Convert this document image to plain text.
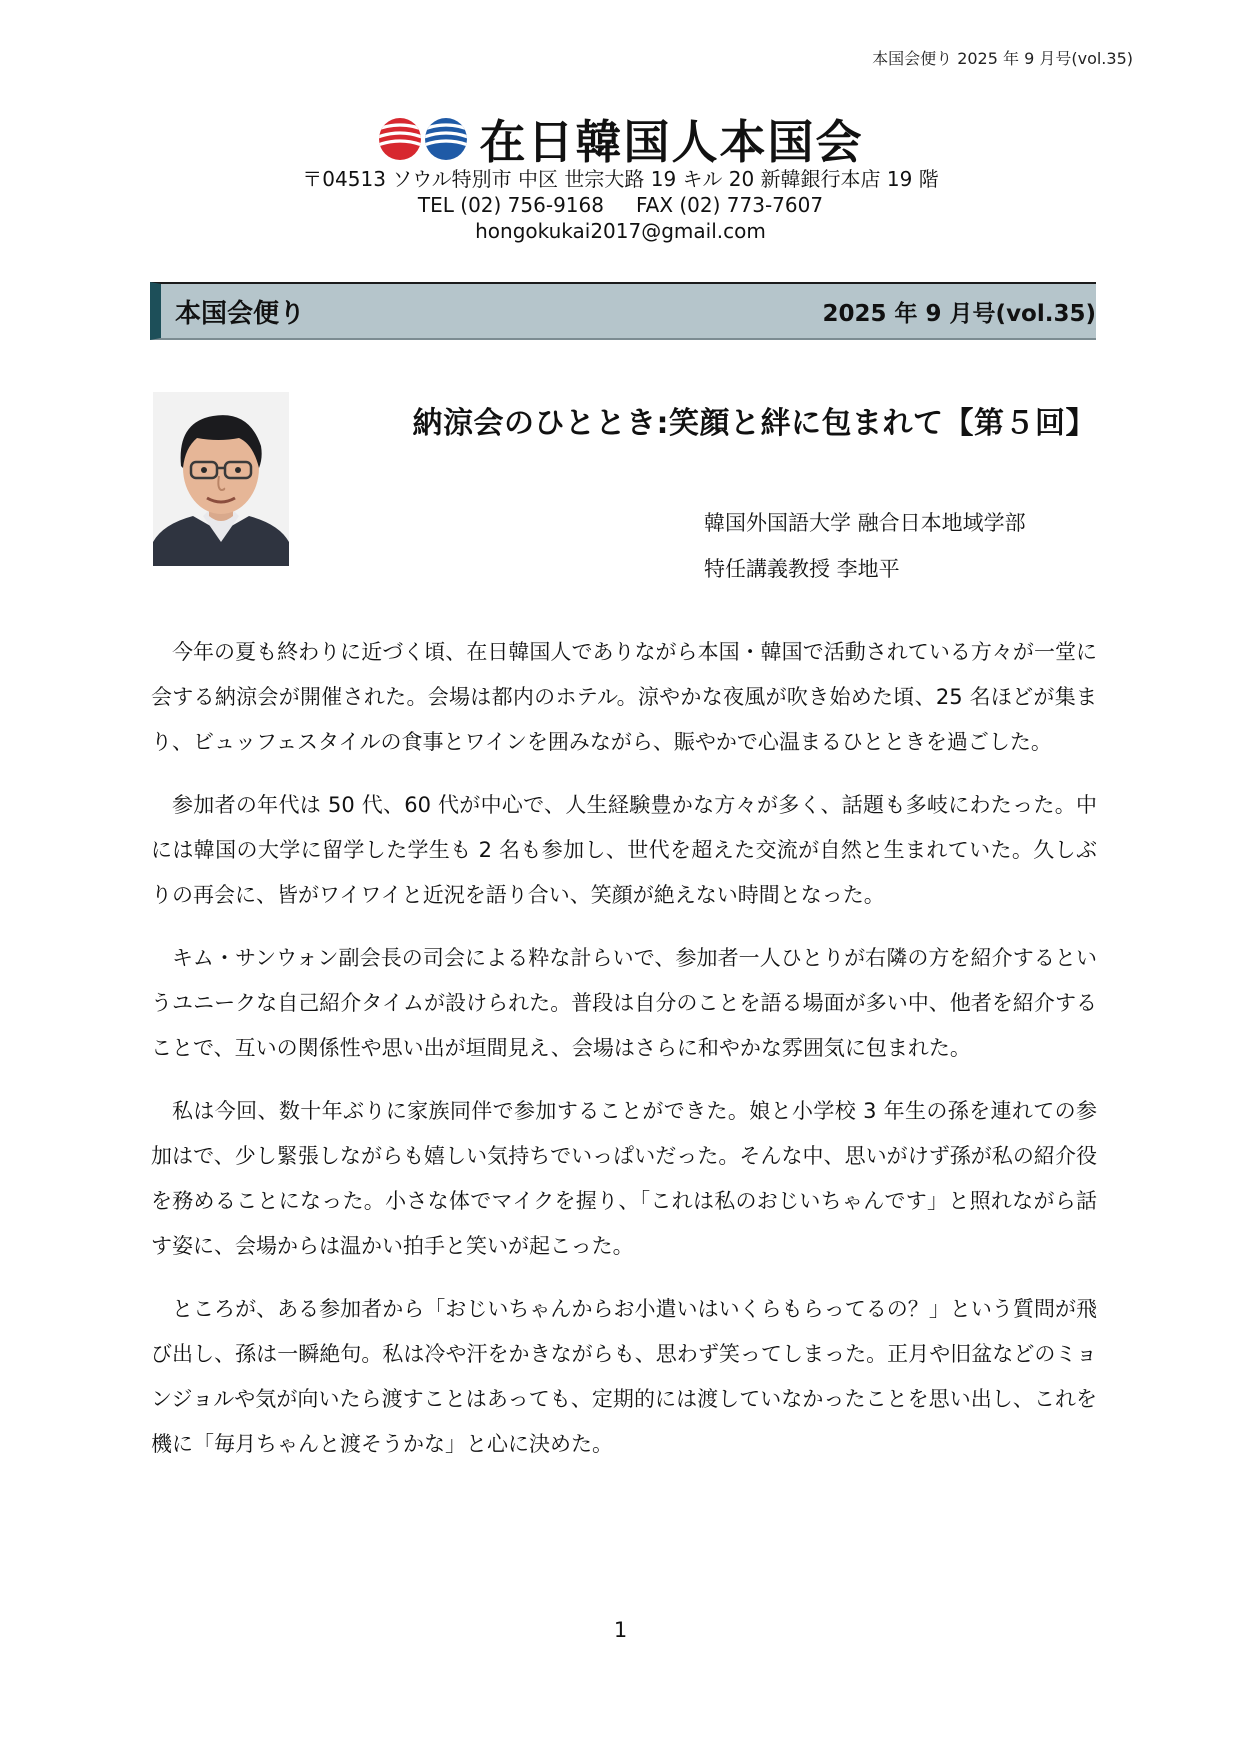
本国会便り 2025 年 9 月号(vol.35)
在日韓国人本国会
〒04513 ソウル特別市 中区 世宗大路 19 キル 20 新韓銀行本店 19 階
TEL (02) 756-9168 FAX (02) 773-7607
hongokukai2017@gmail.com
本国会便り	2025 年 9 月号(vol.35)
納涼会のひととき:笑顔と絆に包まれて【第５回】
韓国外国語大学 融合日本地域学部
特任講義教授 李地平

今年の夏も終わりに近づく頃、在日韓国人でありながら本国・韓国で活動されている方々が一堂に会する納涼会が開催された。会場は都内のホテル。涼やかな夜風が吹き始めた頃、25 名ほどが集まり、ビュッフェスタイルの食事とワインを囲みながら、賑やかで心温まるひとときを過ごした。

参加者の年代は 50 代、60 代が中心で、人生経験豊かな方々が多く、話題も多岐にわたった。中には韓国の大学に留学した学生も 2 名も参加し、世代を超えた交流が自然と生まれていた。久しぶりの再会に、皆がワイワイと近況を語り合い、笑顔が絶えない時間となった。

キム・サンウォン副会長の司会による粋な計らいで、参加者一人ひとりが右隣の方を紹介するというユニークな自己紹介タイムが設けられた。普段は自分のことを語る場面が多い中、他者を紹介することで、互いの関係性や思い出が垣間見え、会場はさらに和やかな雰囲気に包まれた。

私は今回、数十年ぶりに家族同伴で参加することができた。娘と小学校 3 年生の孫を連れての参加はで、少し緊張しながらも嬉しい気持ちでいっぱいだった。そんな中、思いがけず孫が私の紹介役を務めることになった。小さな体でマイクを握り、「これは私のおじいちゃんです」と照れながら話す姿に、会場からは温かい拍手と笑いが起こった。

ところが、ある参加者から「おじいちゃんからお小遣いはいくらもらってるの？」という質問が飛び出し、孫は一瞬絶句。私は冷や汗をかきながらも、思わず笑ってしまった。正月や旧盆などのミョンジョルや気が向いたら渡すことはあっても、定期的には渡していなかったことを思い出し、これを機に「毎月ちゃんと渡そうかな」と心に決めた。

1
